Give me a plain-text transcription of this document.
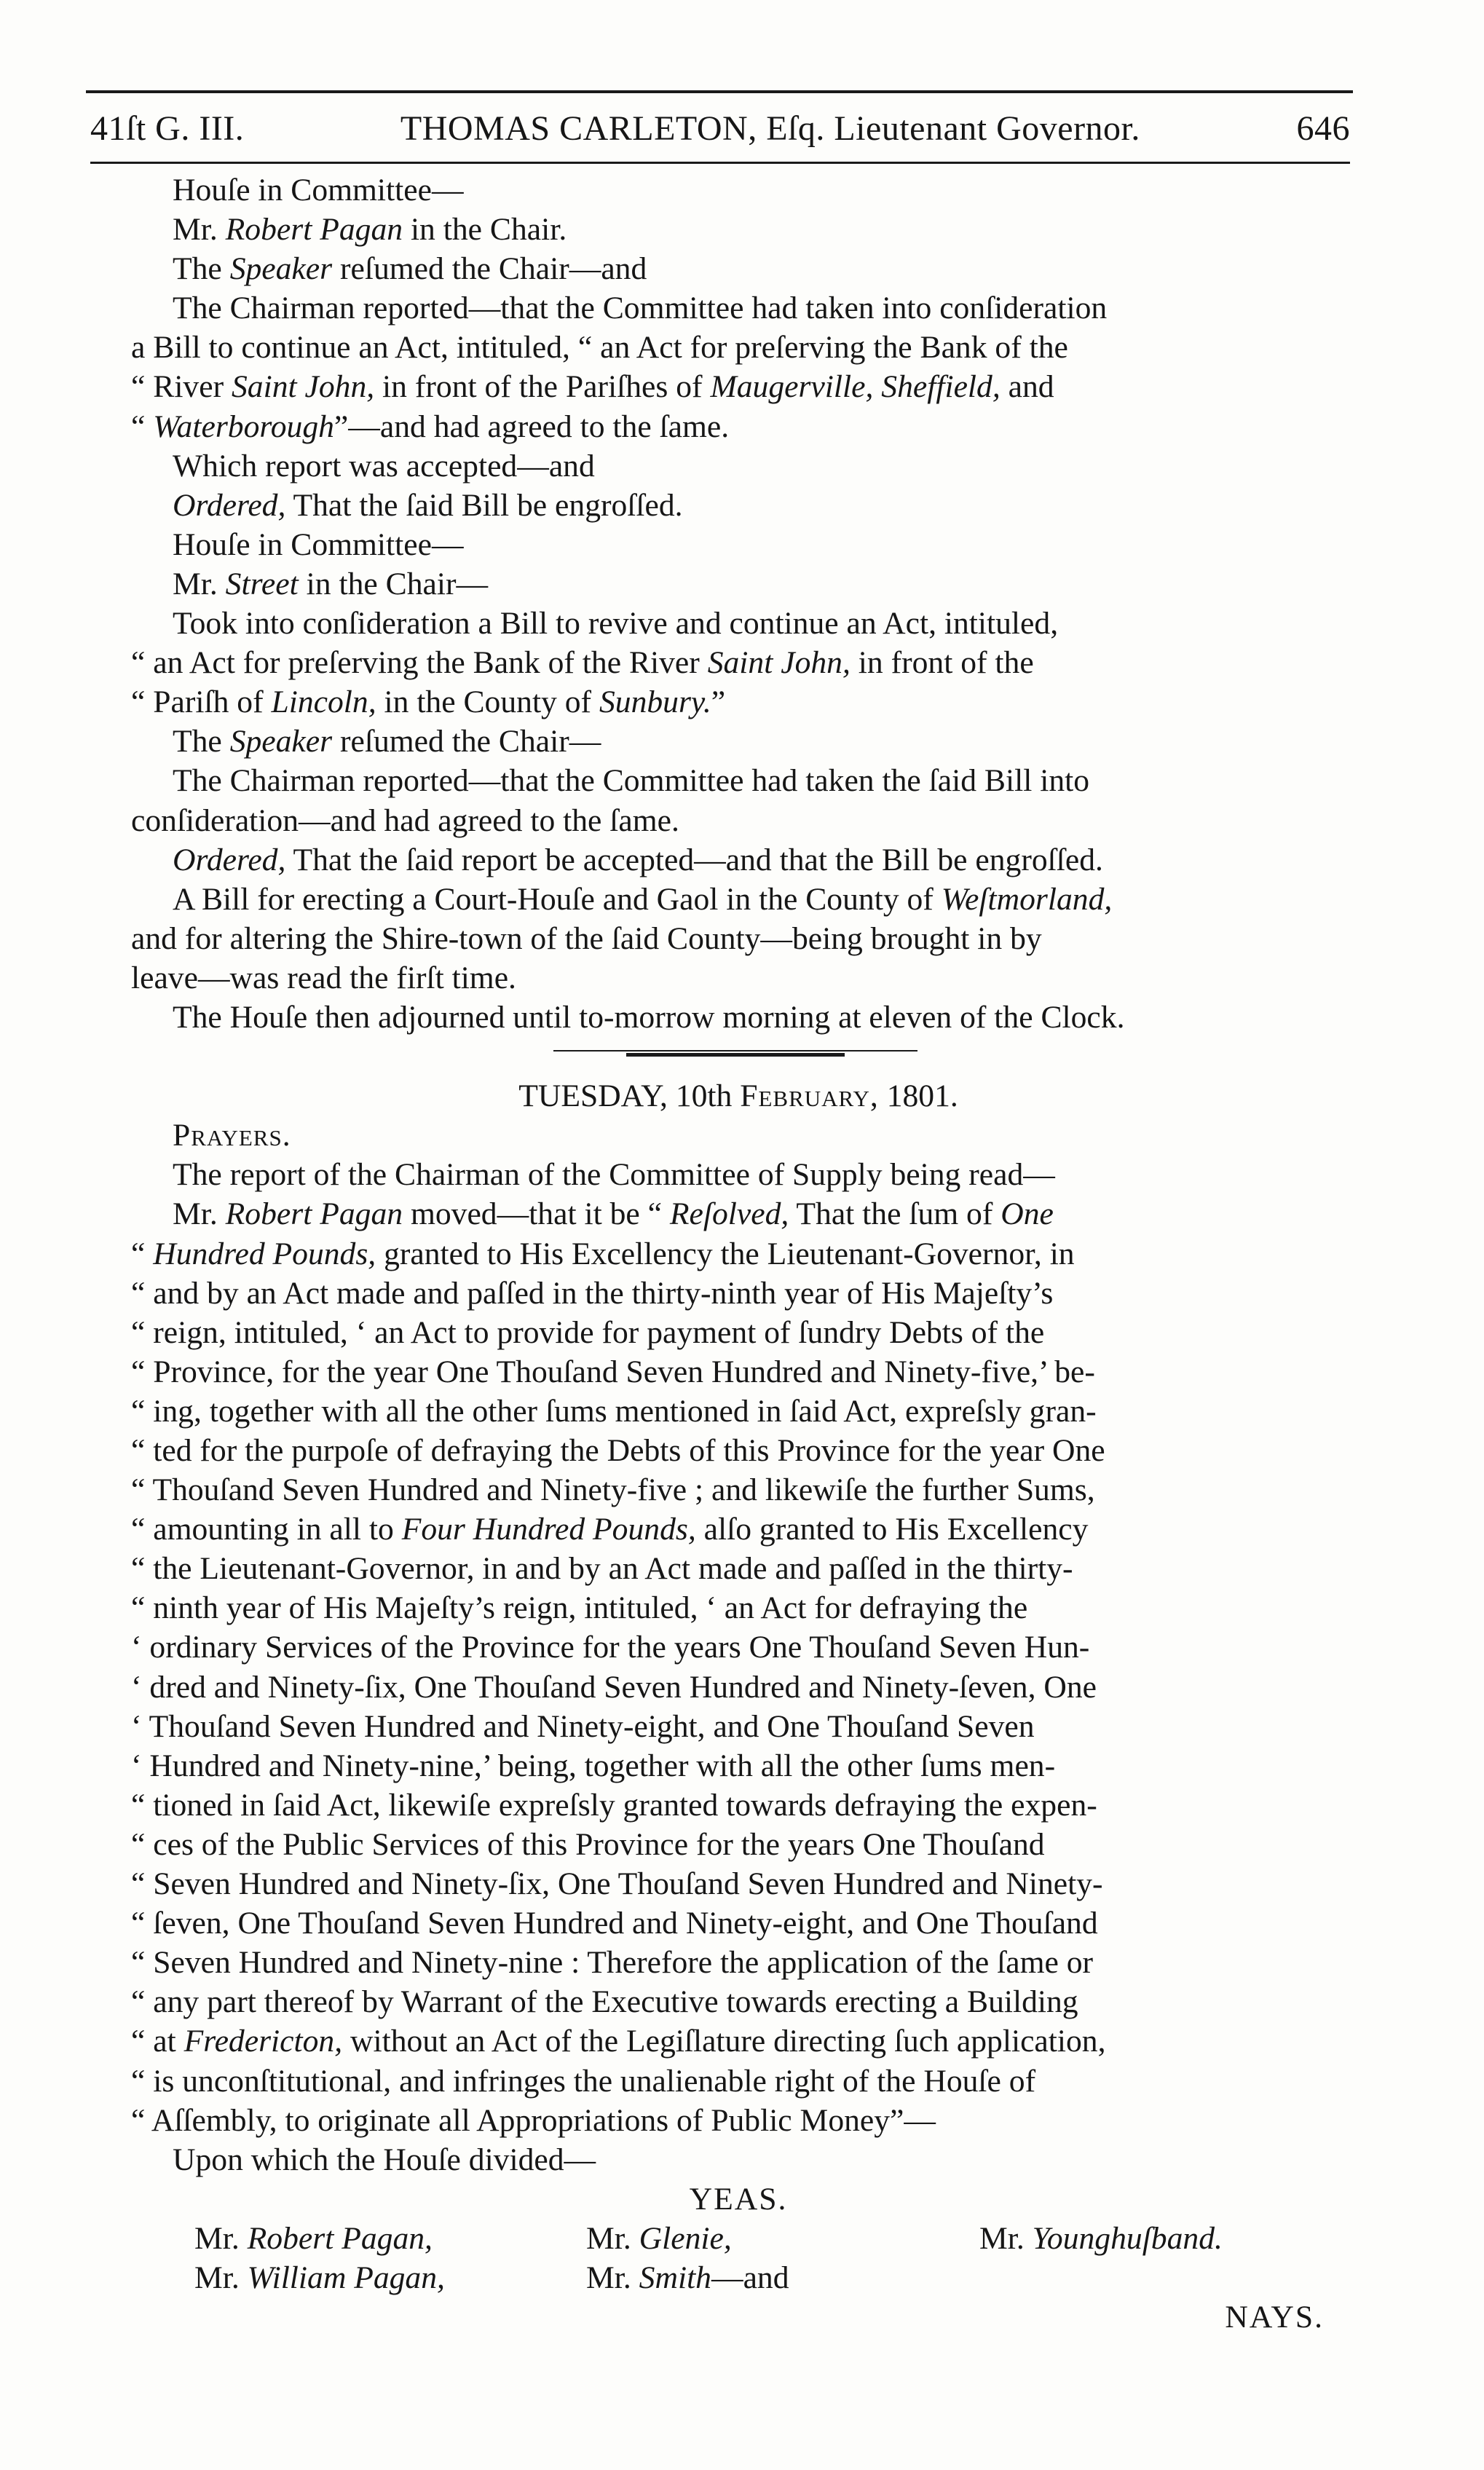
41ſt G. III.	THOMAS CARLETON, Eſq. Lieutenant Governor.	646
Houſe in Committee—
Mr. Robert Pagan in the Chair.
The Speaker reſumed the Chair—and
The Chairman reported—that the Committee had taken into conſideration
a Bill to continue an Act, intituled, “ an Act for preſerving the Bank of the
“ River Saint John, in front of the Pariſhes of Maugerville, Sheffield, and
“ Waterborough”—and had agreed to the ſame.
Which report was accepted—and
Ordered, That the ſaid Bill be engroſſed.
Houſe in Committee—
Mr. Street in the Chair—
Took into conſideration a Bill to revive and continue an Act, intituled,
“ an Act for preſerving the Bank of the River Saint John, in front of the
“ Pariſh of Lincoln, in the County of Sunbury.”
The Speaker reſumed the Chair—
The Chairman reported—that the Committee had taken the ſaid Bill into
conſideration—and had agreed to the ſame.
Ordered, That the ſaid report be accepted—and that the Bill be engroſſed.
A Bill for erecting a Court-Houſe and Gaol in the County of Weſtmorland,
and for altering the Shire-town of the ſaid County—being brought in by
leave—was read the firſt time.
The Houſe then adjourned until to-morrow morning at eleven of the Clock.
TUESDAY, 10th February, 1801.
Prayers.
The report of the Chairman of the Committee of Supply being read—
Mr. Robert Pagan moved—that it be “ Reſolved, That the ſum of One
“ Hundred Pounds, granted to His Excellency the Lieutenant-Governor, in
“ and by an Act made and paſſed in the thirty-ninth year of His Majeſty’s
“ reign, intituled, ‘ an Act to provide for payment of ſundry Debts of the
“ Province, for the year One Thouſand Seven Hundred and Ninety-five,’ be-
“ ing, together with all the other ſums mentioned in ſaid Act, expreſsly gran-
“ ted for the purpoſe of defraying the Debts of this Province for the year One
“ Thouſand Seven Hundred and Ninety-five ; and likewiſe the further Sums,
“ amounting in all to Four Hundred Pounds, alſo granted to His Excellency
“ the Lieutenant-Governor, in and by an Act made and paſſed in the thirty-
“ ninth year of His Majeſty’s reign, intituled, ‘ an Act for defraying the
‘ ordinary Services of the Province for the years One Thouſand Seven Hun-
‘ dred and Ninety-ſix, One Thouſand Seven Hundred and Ninety-ſeven, One
‘ Thouſand Seven Hundred and Ninety-eight, and One Thouſand Seven
‘ Hundred and Ninety-nine,’ being, together with all the other ſums men-
“ tioned in ſaid Act, likewiſe expreſsly granted towards defraying the expen-
“ ces of the Public Services of this Province for the years One Thouſand
“ Seven Hundred and Ninety-ſix, One Thouſand Seven Hundred and Ninety-
“ ſeven, One Thouſand Seven Hundred and Ninety-eight, and One Thouſand
“ Seven Hundred and Ninety-nine : Therefore the application of the ſame or
“ any part thereof by Warrant of the Executive towards erecting a Building
“ at Fredericton, without an Act of the Legiſlature directing ſuch application,
“ is unconſtitutional, and infringes the unalienable right of the Houſe of
“ Aſſembly, to originate all Appropriations of Public Money”—
Upon which the Houſe divided—
YEAS.
Mr. Robert Pagan,	Mr. Glenie,	Mr. Younghuſband.
Mr. William Pagan,	Mr. Smith—and
NAYS.
